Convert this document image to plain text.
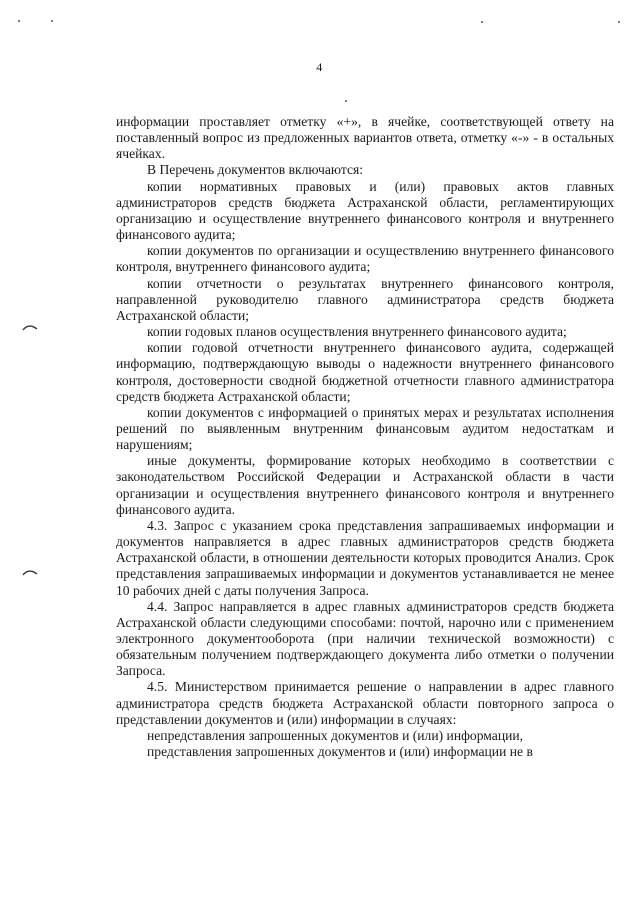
4

информации проставляет отметку «+», в ячейке, соответствующей ответу на поставленный вопрос из предложенных вариантов ответа, отметку «-» - в остальных ячейках.

В Перечень документов включаются:

копии нормативных правовых и (или) правовых актов главных администраторов средств бюджета Астраханской области, регламентирующих организацию и осуществление внутреннего финансового контроля и внутреннего финансового аудита;

копии документов по организации и осуществлению внутреннего финансового контроля, внутреннего финансового аудита;

копии отчетности о результатах внутреннего финансового контроля, направленной руководителю главного администратора средств бюджета Астраханской области;

копии годовых планов осуществления внутреннего финансового аудита;

копии годовой отчетности внутреннего финансового аудита, содержащей информацию, подтверждающую выводы о надежности внутреннего финансового контроля, достоверности сводной бюджетной отчетности главного администратора средств бюджета Астраханской области;

копии документов с информацией о принятых мерах и результатах исполнения решений по выявленным внутренним финансовым аудитом недостаткам и нарушениям;

иные документы, формирование которых необходимо в соответствии с законодательством Российской Федерации и Астраханской области в части организации и осуществления внутреннего финансового контроля и внутреннего финансового аудита.

4.3. Запрос с указанием срока представления запрашиваемых информации и документов направляется в адрес главных администраторов средств бюджета Астраханской области, в отношении деятельности которых проводится Анализ. Срок представления запрашиваемых информации и документов устанавливается не менее 10 рабочих дней с даты получения Запроса.

4.4. Запрос направляется в адрес главных администраторов средств бюджета Астраханской области следующими способами: почтой, нарочно или с применением электронного документооборота (при наличии технической возможности) с обязательным получением подтверждающего документа либо отметки о получении Запроса.

4.5. Министерством принимается решение о направлении в адрес главного администратора средств бюджета Астраханской области повторного запроса о представлении документов и (или) информации в случаях:

непредставления запрошенных документов и (или) информации,

представления запрошенных документов и (или) информации не в
